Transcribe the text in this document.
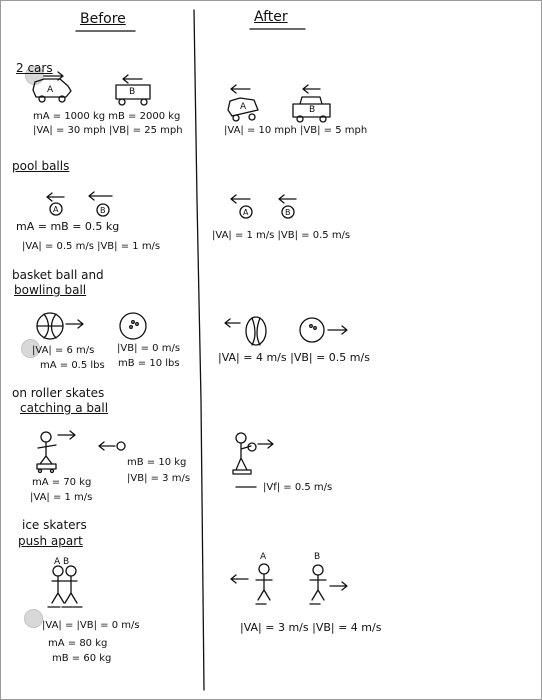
Before	After
2 cars
A	B
mA = 1000 kg mB = 2000 kg
|VA| = 30 mph |VB| = 25 mph
A	B
|VA| = 10 mph |VB| = 5 mph
pool balls
A	B
mA = mB = 0.5 kg
|VA| = 0.5 m/s |VB| = 1 m/s
A	B
|VA| = 1 m/s |VB| = 0.5 m/s
basket ball and
bowling ball
|VA| = 6 m/s |VB| = 0 m/s
mA = 0.5 lbs mB = 10 lbs	|VA| = 4 m/s |VB| = 0.5 m/s
on roller skates
catching a ball
mB = 10 kg
|VB| = 3 m/s
mA = 70 kg
|VA| = 1 m/s
|Vf| = 0.5 m/s
ice skaters
push apart
A B
|VA| = |VB| = 0 m/s
mA = 80 kg
mB = 60 kg
A	B
|VA| = 3 m/s |VB| = 4 m/s
